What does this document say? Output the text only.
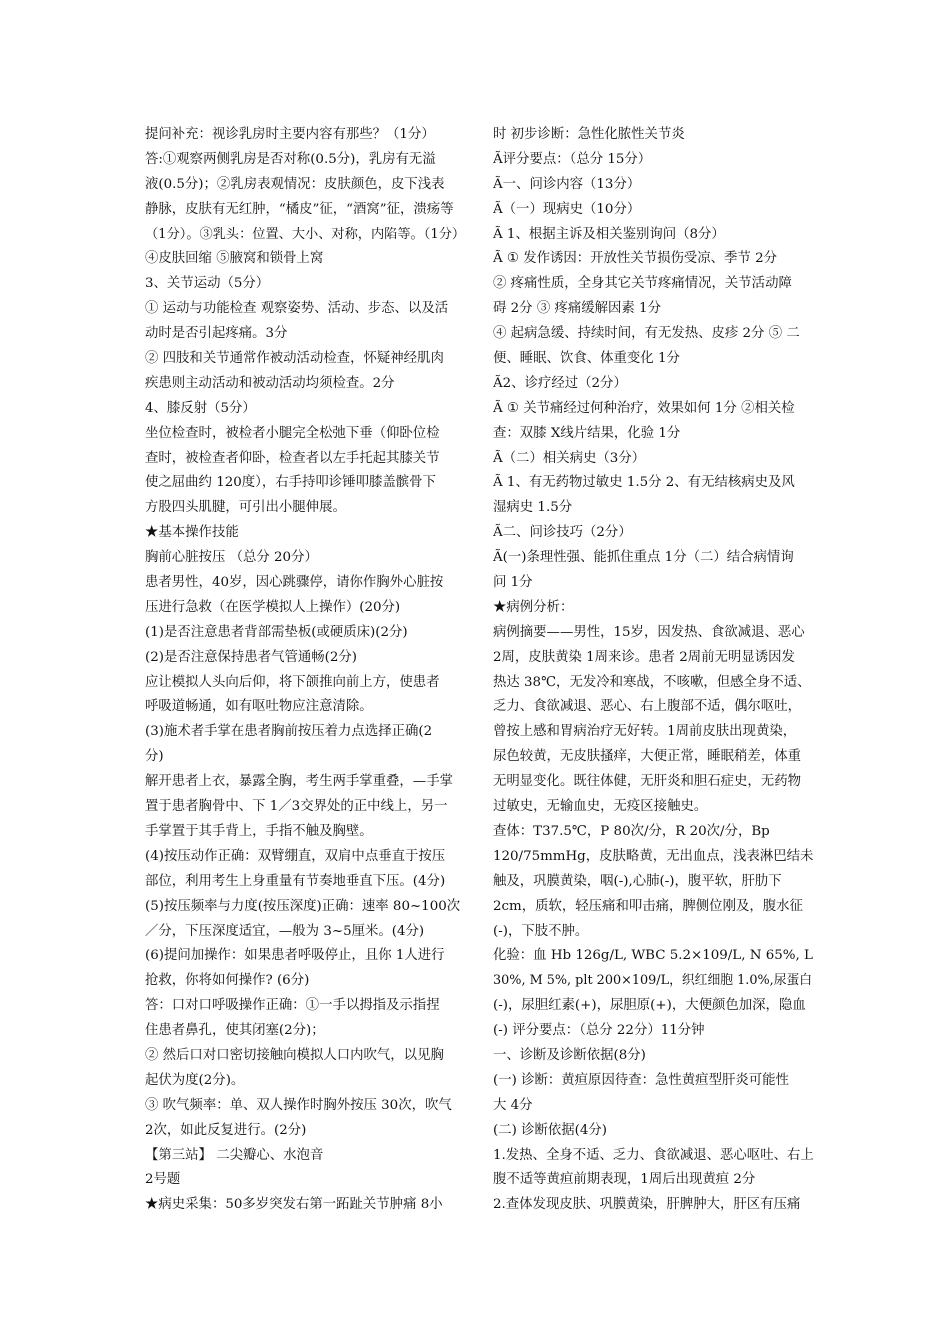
提问补充：视诊乳房时主要内容有那些？（1分）
答:①观察两侧乳房是否对称(0.5分)，乳房有无溢
液(0.5分)；②乳房表观情况：皮肤颜色，皮下浅表
静脉，皮肤有无红肿，“橘皮”征，“酒窝”征，溃疡等
（1分）。③乳头：位置、大小、对称，内陷等。（1分）
④皮肤回缩 ⑤腋窝和锁骨上窝
3、关节运动（5分）
① 运动与功能检查 观察姿势、活动、步态、以及活
动时是否引起疼痛。3分
② 四肢和关节通常作被动活动检查，怀疑神经肌肉
疾患则主动活动和被动活动均须检查。2分
4、膝反射（5分）
坐位检查时，被检者小腿完全松弛下垂（仰卧位检
查时，被检查者仰卧，检查者以左手托起其膝关节
使之屈曲约 120度），右手持叩诊锤叩膝盖髌骨下
方股四头肌腱，可引出小腿伸展。
★基本操作技能
胸前心脏按压 （总分 20分）
患者男性，40岁，因心跳骤停，请你作胸外心脏按
压进行急救（在医学模拟人上操作）(20分)
(1)是否注意患者背部需垫板(或硬质床)(2分)
(2)是否注意保持患者气管通畅(2分)
应让模拟人头向后仰，将下颌推向前上方，使患者
呼吸道畅通，如有呕吐物应注意清除。
(3)施术者手掌在患者胸前按压着力点选择正确(2
分)
解开患者上衣，暴露全胸，考生两手掌重叠，—手掌
置于患者胸骨中、下 1／3交界处的正中线上，另一
手掌置于其手背上，手指不触及胸壁。
(4)按压动作正确：双臂绷直，双肩中点垂直于按压
部位，利用考生上身重量有节奏地垂直下压。(4分)
(5)按压频率与力度(按压深度)正确：速率 80~100次
／分，下压深度适宜，—般为 3~5厘米。(4分)
(6)提问加操作：如果患者呼吸停止，且你 1人进行
抢救，你将如何操作? (6分)
答：口对口呼吸操作正确：①一手以拇指及示指捏
住患者鼻孔，使其闭塞(2分)；
② 然后口对口密切接触向模拟人口内吹气，以见胸
起伏为度(2分)。
③ 吹气频率：单、双人操作时胸外按压 30次，吹气
2次，如此反复进行。(2分)
【第三站】 二尖瓣心、水泡音
2号题
★病史采集：50多岁突发右第一跖趾关节肿痛 8小
时 初步诊断：急性化脓性关节炎
Ã评分要点：（总分 15分）
Ã一、问诊内容（13分）
Ã（一）现病史（10分）
Ã 1、根据主诉及相关鉴别询问（8分）
Ã ① 发作诱因：开放性关节损伤受凉、季节 2分
② 疼痛性质，全身其它关节疼痛情况，关节活动障
碍 2分 ③ 疼痛缓解因素 1分
④ 起病急缓、持续时间，有无发热、皮疹 2分 ⑤ 二
便、睡眠、饮食、体重变化 1分
Ã2、诊疗经过（2分）
Ã ① 关节痛经过何种治疗，效果如何 1分 ②相关检
查：双膝 X线片结果，化验 1分
Ã（二）相关病史（3分）
Ã 1、有无药物过敏史 1.5分 2、有无结核病史及风
湿病史 1.5分
Ã二、问诊技巧（2分）
Ã(一)条理性强、能抓住重点 1分（二）结合病情询
问 1分
★病例分析：
病例摘要——男性，15岁，因发热、食欲减退、恶心
2周，皮肤黄染 1周来诊。患者 2周前无明显诱因发
热达 38℃，无发冷和寒战，不咳嗽，但感全身不适、
乏力、食欲减退、恶心、右上腹部不适，偶尔呕吐，
曾按上感和胃病治疗无好转。1周前皮肤出现黄染，
尿色较黄，无皮肤搔痒，大便正常，睡眠稍差，体重
无明显变化。既往体健，无肝炎和胆石症史，无药物
过敏史，无输血史，无疫区接触史。
查体：T37.5℃，P 80次/分，R 20次/分，Bp
120/75mmHg，皮肤略黄，无出血点，浅表淋巴结未
触及，巩膜黄染，咽(-),心肺(-)，腹平软，肝肋下
2cm，质软，轻压痛和叩击痛，脾侧位刚及，腹水征
(-)，下肢不肿。
化验：血 Hb 126g/L, WBC 5.2×109/L, N 65%, L
30%, M 5%, plt 200×109/L，织红细胞 1.0%,尿蛋白
(-)，尿胆红素(+)，尿胆原(+)，大便颜色加深，隐血
(-) 评分要点：（总分 22分）11分钟
一、诊断及诊断依据(8分)
(一) 诊断：黄疸原因待查：急性黄疸型肝炎可能性
大 4分
(二) 诊断依据(4分)
1.发热、全身不适、乏力、食欲减退、恶心呕吐、右上
腹不适等黄疸前期表现，1周后出现黄疸 2分
2.查体发现皮肤、巩膜黄染，肝脾肿大，肝区有压痛
